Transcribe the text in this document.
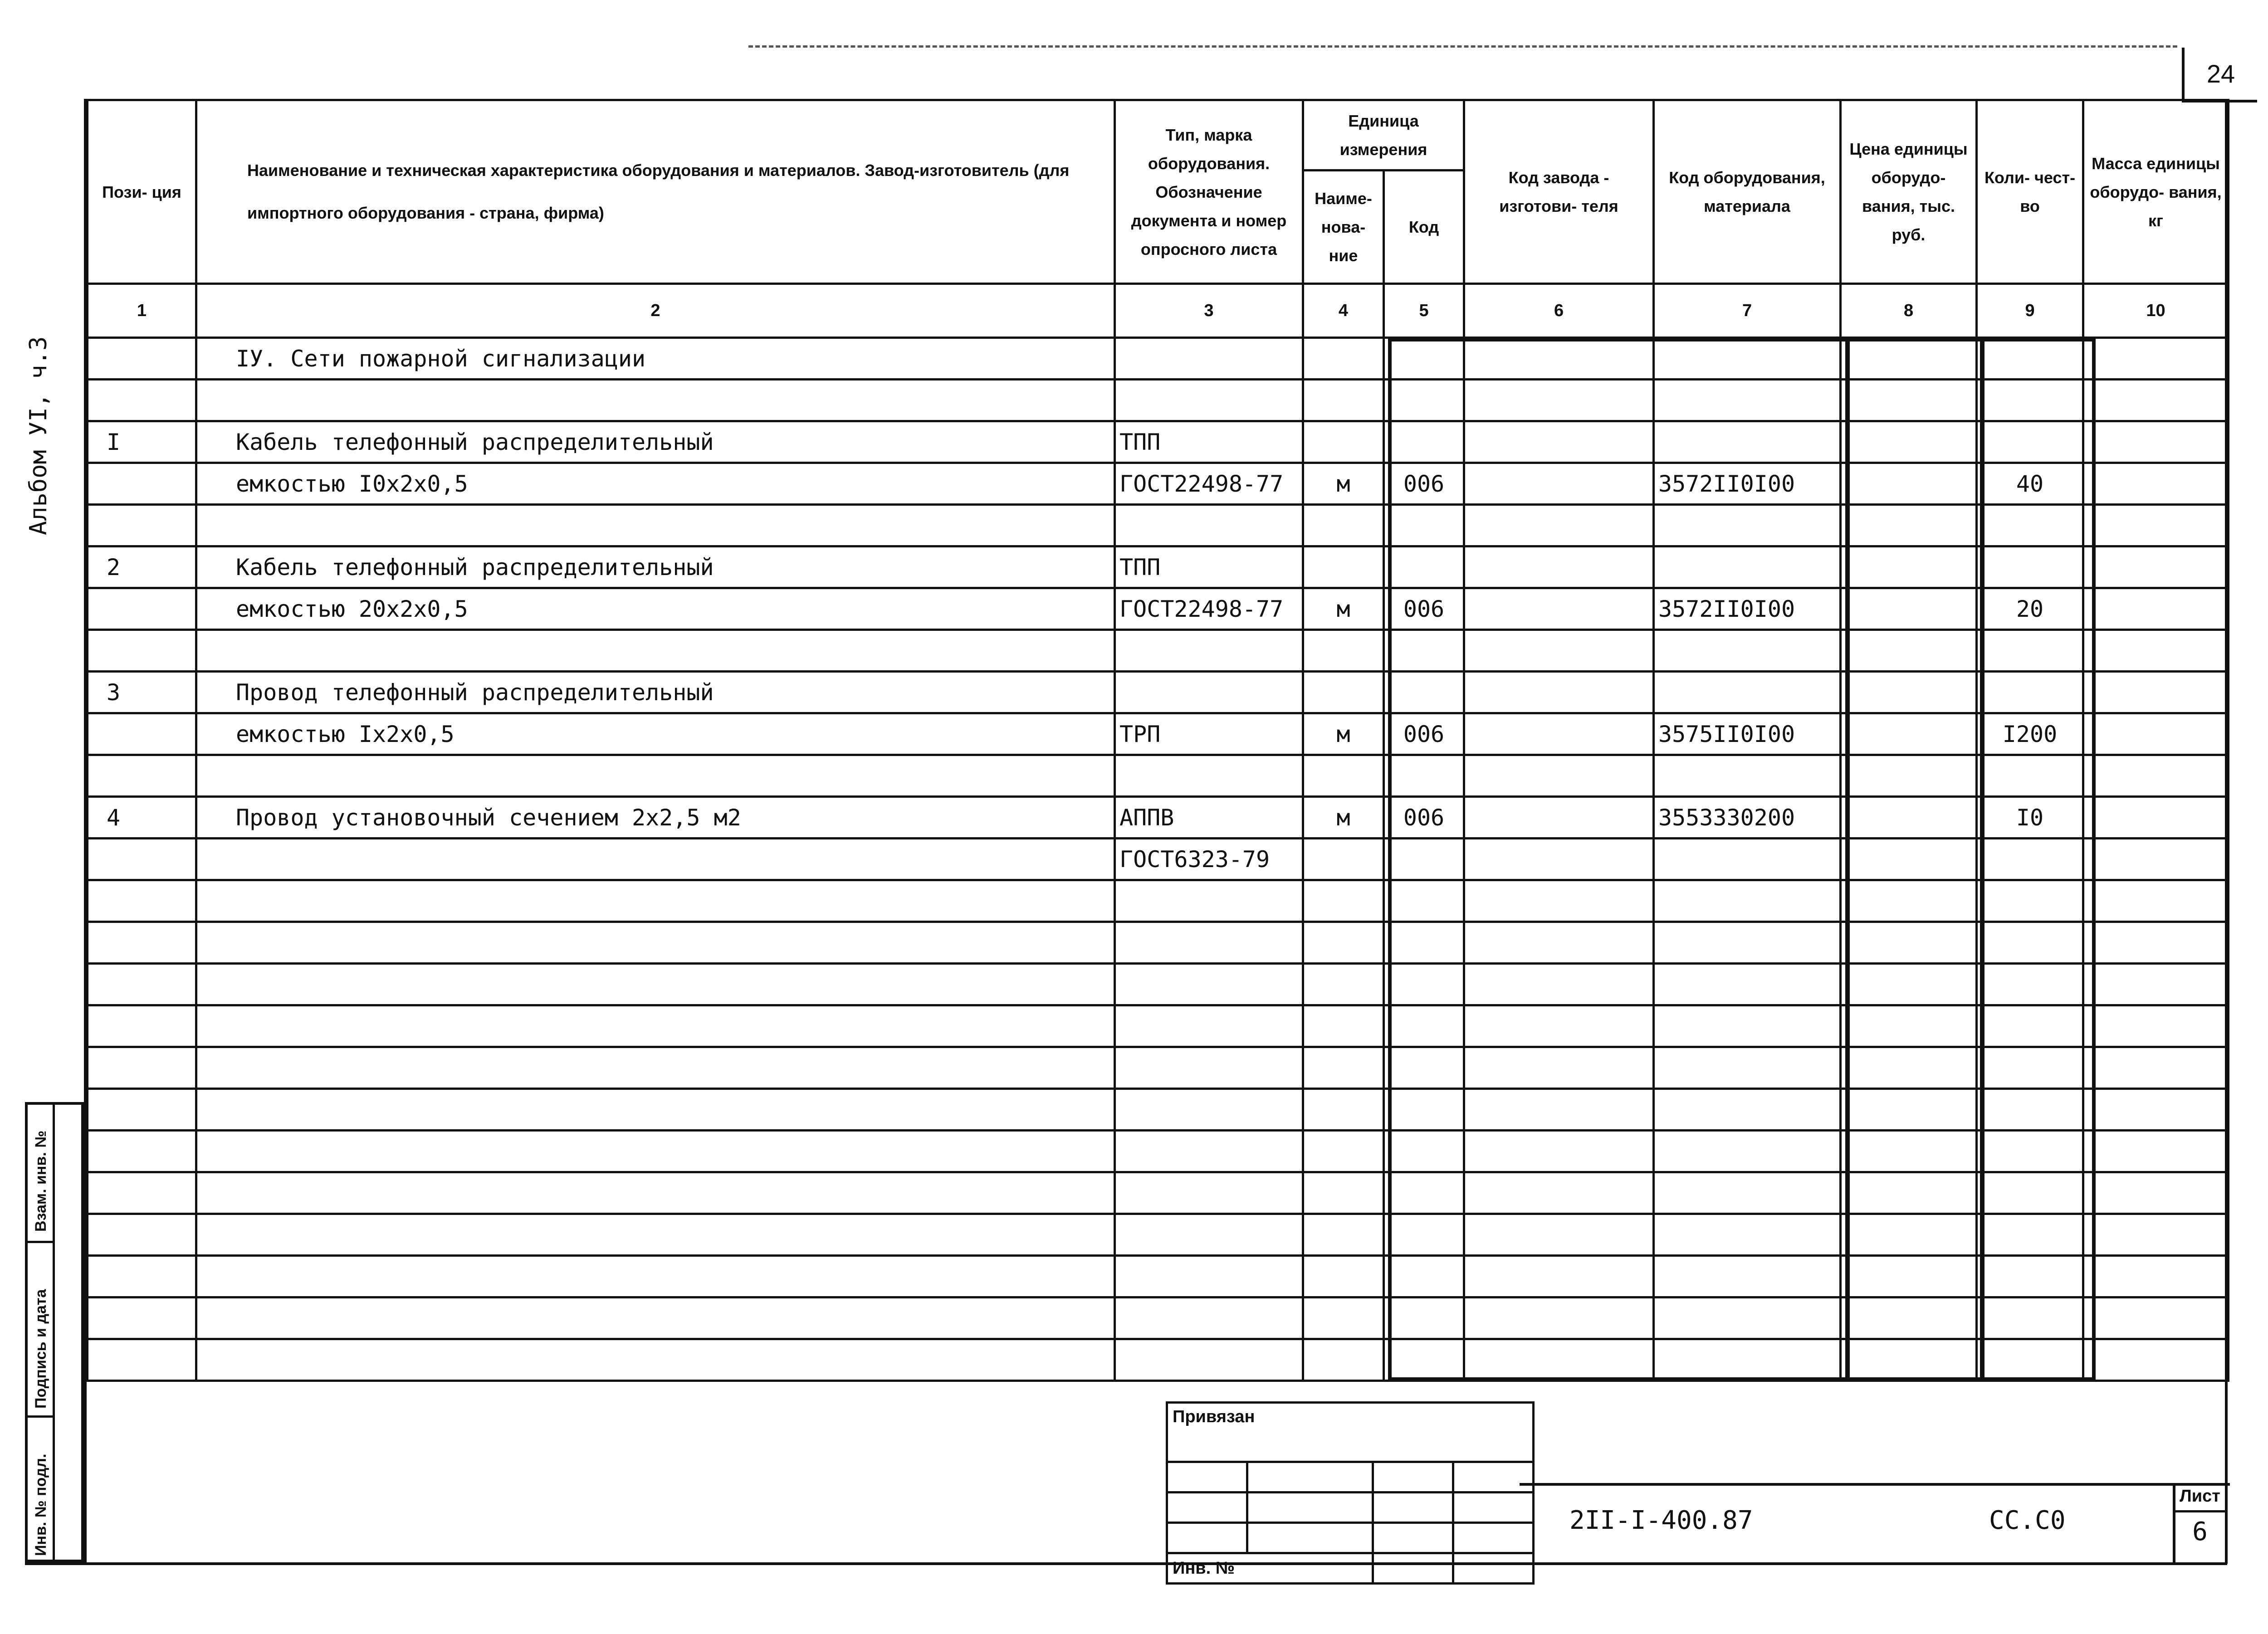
24
Альбом УI, ч.3
Взам. инв. №
Подпись и дата
Инв. № подл.
Пози- ция	Наименование и техническая характеристика оборудования и материалов. Завод-изготовитель (для импортного оборудования - страна, фирма)	Тип, марка оборудования. Обозначение документа и номер опросного листа	Единица измерения		Код завода - изготови- теля	Код оборудования, материала	Цена единицы оборудо- вания, тыс. руб.	Коли- чест- во	Масса единицы оборудо- вания, кг
			Наиме- нова- ние	Код					
1	2	3	4	5	6	7	8	9	10
	IУ. Сети пожарной сигнализации								

I	Кабель телефонный распределительный	ТПП							
	емкостью I0х2х0,5	ГОСТ22498-77	м	006		3572II0I00		40	

2	Кабель телефонный распределительный	ТПП							
	емкостью 20х2х0,5	ГОСТ22498-77	м	006		3572II0I00		20	

3	Провод телефонный распределительный								
	емкостью Iх2х0,5	ТРП	м	006		3575II0I00		I200	

4	Провод установочный сечением 2х2,5 м2	АППВ	м	006		3553330200		I0	
		ГОСТ6323-79							

Привязан			

Инв. №			
2II-I-400.87	СС.С0
Лист
6
